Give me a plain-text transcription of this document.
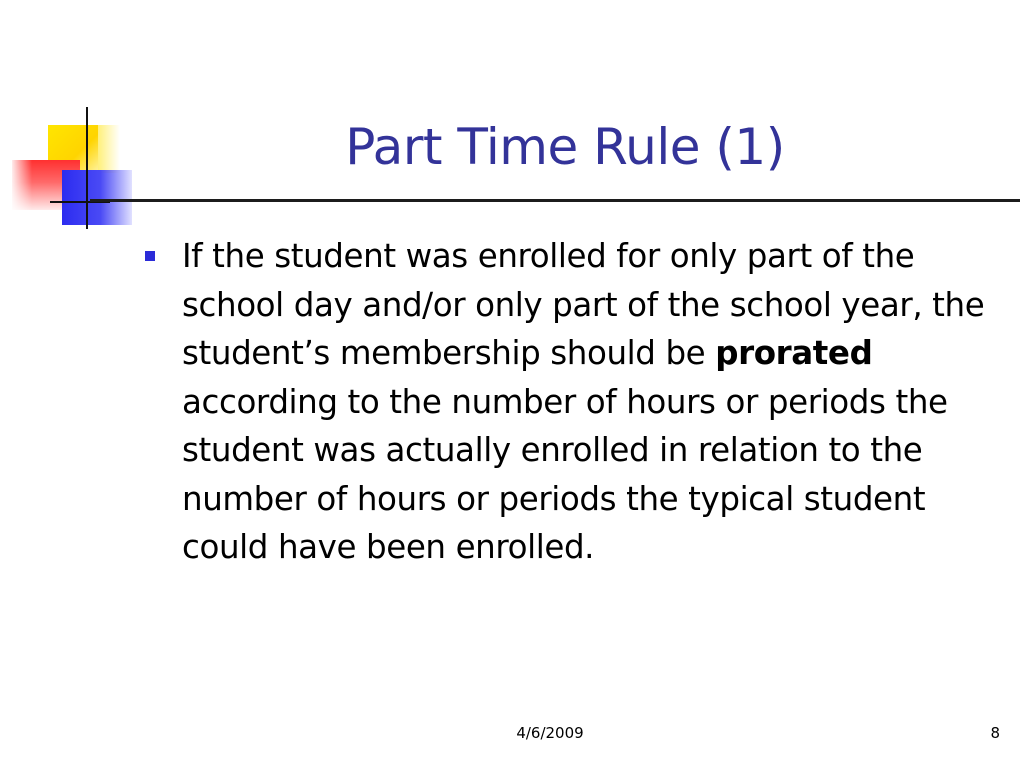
Part Time Rule (1)
If the student was enrolled for only part of the school day and/or only part of the school year, the student’s membership should be prorated according to the number of hours or periods the student was actually enrolled in relation to the number of hours or periods the typical student could have been enrolled.
4/6/2009	8
